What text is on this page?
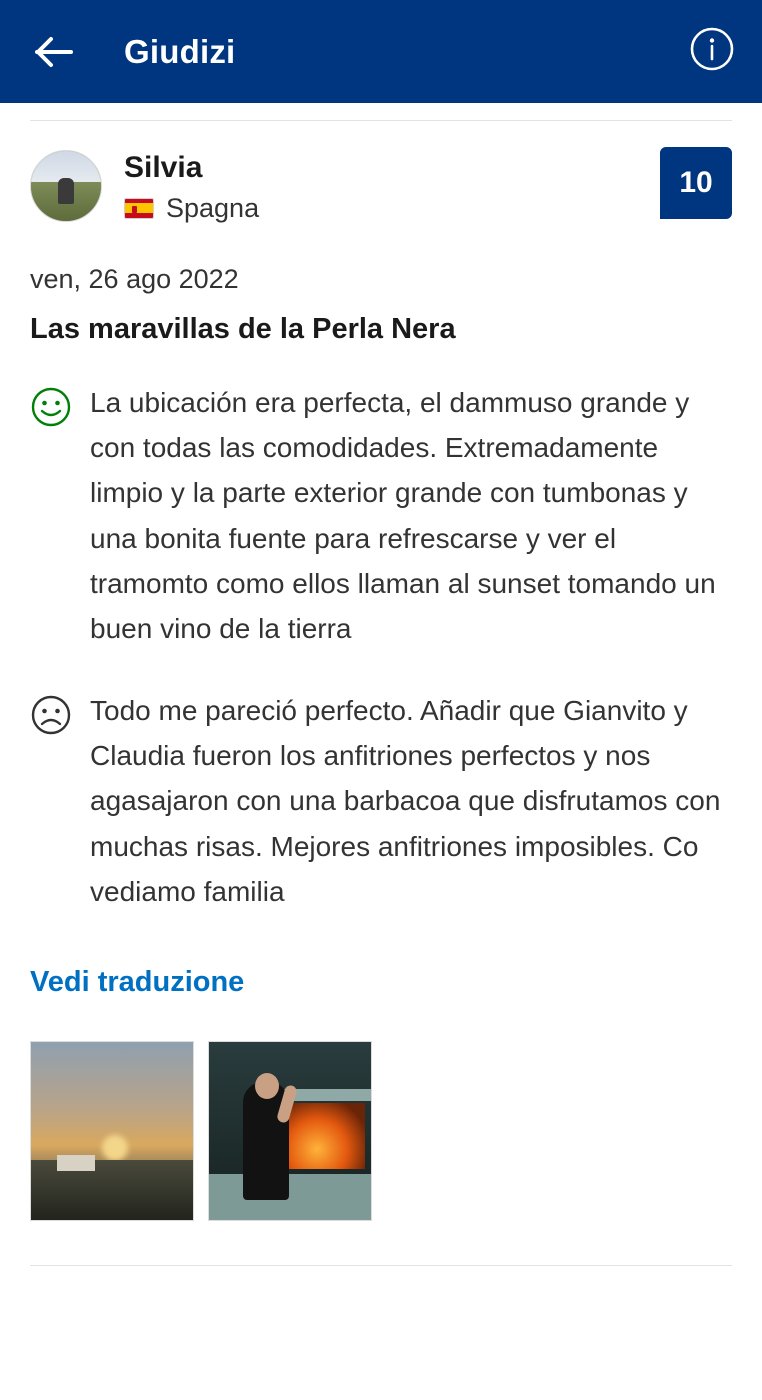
Giudizi
Silvia
Spagna
10
ven, 26 ago 2022
Las maravillas de la Perla Nera
La ubicación era perfecta, el dammuso grande y con todas las comodidades. Extremadamente limpio y la parte exterior grande con tumbonas y una bonita fuente para refrescarse y ver el tramomto como ellos llaman al sunset tomando un buen vino de la tierra
Todo me pareció perfecto. Añadir que Gianvito y Claudia fueron los anfitriones perfectos y nos agasajaron con una barbacoa que disfrutamos con muchas risas. Mejores anfitriones imposibles. Co vediamo familia
Vedi traduzione
